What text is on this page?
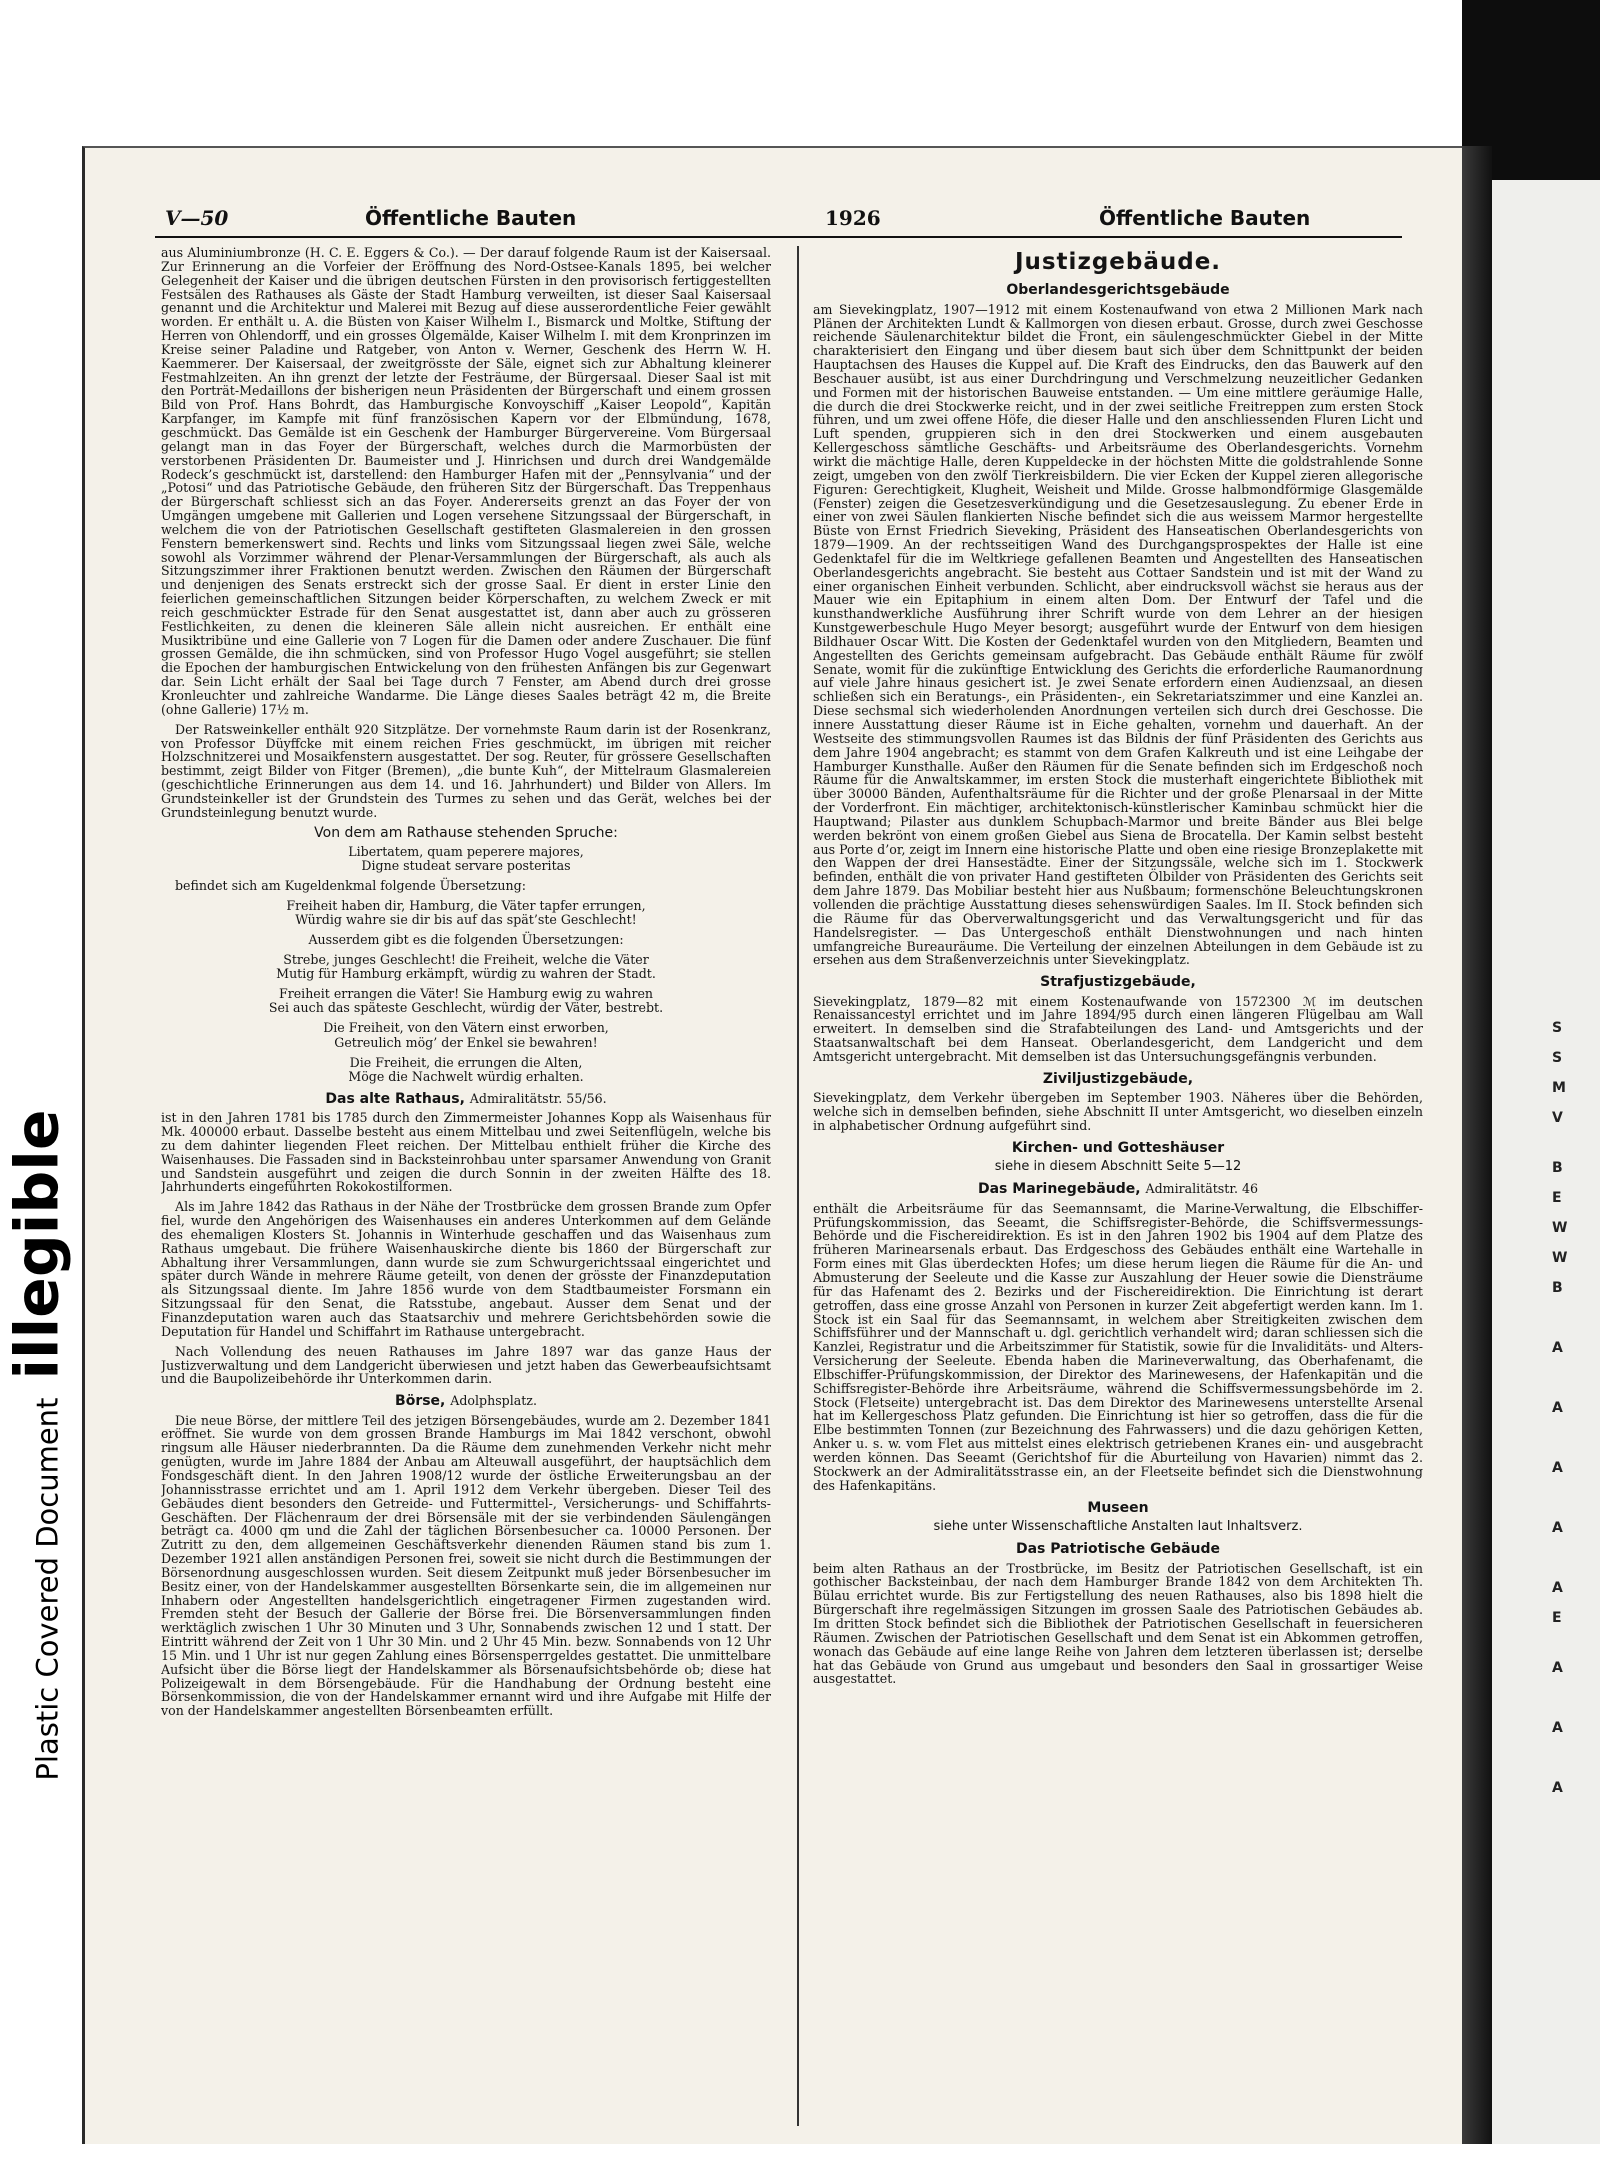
Plastic Covered Document
illegible
S
S
M
V
B
E
W
W
B
A
A
A
A
A
E
A
A
A
V—50	Öffentliche Bauten	1926	Öffentliche Bauten

aus Aluminiumbronze (H. C. E. Eggers & Co.). — Der darauf folgende Raum ist der Kaisersaal. Zur Erinnerung an die Vorfeier der Eröffnung des Nord-Ostsee-Kanals 1895, bei welcher Gelegenheit der Kaiser und die übrigen deutschen Fürsten in den provisorisch fertiggestellten Festsälen des Rathauses als Gäste der Stadt Hamburg verweilten, ist dieser Saal Kaisersaal genannt und die Architektur und Malerei mit Bezug auf diese ausserordentliche Feier gewählt worden. Er enthält u. A. die Büsten von Kaiser Wilhelm I., Bismarck und Moltke, Stiftung der Herren von Ohlendorff, und ein grosses Ölgemälde, Kaiser Wilhelm I. mit dem Kronprinzen im Kreise seiner Paladine und Ratgeber, von Anton v. Werner, Geschenk des Herrn W. H. Kaemmerer. Der Kaisersaal, der zweitgrösste der Säle, eignet sich zur Abhaltung kleinerer Festmahlzeiten. An ihn grenzt der letzte der Festräume, der Bürgersaal. Dieser Saal ist mit den Porträt-Medaillons der bisherigen neun Präsidenten der Bürgerschaft und einem grossen Bild von Prof. Hans Bohrdt, das Hamburgische Konvoyschiff „Kaiser Leopold“, Kapitän Karpfanger, im Kampfe mit fünf französischen Kapern vor der Elbmündung, 1678, geschmückt. Das Gemälde ist ein Geschenk der Hamburger Bürgervereine. Vom Bürgersaal gelangt man in das Foyer der Bürgerschaft, welches durch die Marmorbüsten der verstorbenen Präsidenten Dr. Baumeister und J. Hinrichsen und durch drei Wandgemälde Rodeck’s geschmückt ist, darstellend: den Hamburger Hafen mit der „Pennsylvania“ und der „Potosi“ und das Patriotische Gebäude, den früheren Sitz der Bürgerschaft. Das Treppenhaus der Bürgerschaft schliesst sich an das Foyer. Andererseits grenzt an das Foyer der von Umgängen umgebene mit Gallerien und Logen versehene Sitzungssaal der Bürgerschaft, in welchem die von der Patriotischen Gesellschaft gestifteten Glasmalereien in den grossen Fenstern bemerkenswert sind. Rechts und links vom Sitzungssaal liegen zwei Säle, welche sowohl als Vorzimmer während der Plenar-Versammlungen der Bürgerschaft, als auch als Sitzungszimmer ihrer Fraktionen benutzt werden. Zwischen den Räumen der Bürgerschaft und denjenigen des Senats erstreckt sich der grosse Saal. Er dient in erster Linie den feierlichen gemeinschaftlichen Sitzungen beider Körperschaften, zu welchem Zweck er mit reich geschmückter Estrade für den Senat ausgestattet ist, dann aber auch zu grösseren Festlichkeiten, zu denen die kleineren Säle allein nicht ausreichen. Er enthält eine Musiktribüne und eine Gallerie von 7 Logen für die Damen oder andere Zuschauer. Die fünf grossen Gemälde, die ihn schmücken, sind von Professor Hugo Vogel ausgeführt; sie stellen die Epochen der hamburgischen Entwickelung von den frühesten Anfängen bis zur Gegenwart dar. Sein Licht erhält der Saal bei Tage durch 7 Fenster, am Abend durch drei grosse Kronleuchter und zahlreiche Wandarme. Die Länge dieses Saales beträgt 42 m, die Breite (ohne Gallerie) 17½ m.

Der Ratsweinkeller enthält 920 Sitzplätze. Der vornehmste Raum darin ist der Rosenkranz, von Professor Düyffcke mit einem reichen Fries geschmückt, im übrigen mit reicher Holzschnitzerei und Mosaikfenstern ausgestattet. Der sog. Reuter, für grössere Gesellschaften bestimmt, zeigt Bilder von Fitger (Bremen), „die bunte Kuh“, der Mittelraum Glasmalereien (geschichtliche Erinnerungen aus dem 14. und 16. Jahrhundert) und Bilder von Allers. Im Grundsteinkeller ist der Grundstein des Turmes zu sehen und das Gerät, welches bei der Grundsteinlegung benutzt wurde.

Von dem am Rathause stehenden Spruche:
Libertatem, quam peperere majores,
Digne studeat servare posteritas

befindet sich am Kugeldenkmal folgende Übersetzung:

Freiheit haben dir, Hamburg, die Väter tapfer errungen,
Würdig wahre sie dir bis auf das spät’ste Geschlecht!
Ausserdem gibt es die folgenden Übersetzungen:
Strebe, junges Geschlecht! die Freiheit, welche die Väter
Mutig für Hamburg erkämpft, würdig zu wahren der Stadt.
Freiheit errangen die Väter! Sie Hamburg ewig zu wahren
Sei auch das späteste Geschlecht, würdig der Väter, bestrebt.
Die Freiheit, von den Vätern einst erworben,
Getreulich mög’ der Enkel sie bewahren!
Die Freiheit, die errungen die Alten,
Möge die Nachwelt würdig erhalten.
Das alte Rathaus, Admiralitätstr. 55/56.

ist in den Jahren 1781 bis 1785 durch den Zimmermeister Johannes Kopp als Waisenhaus für Mk. 400000 erbaut. Dasselbe besteht aus einem Mittelbau und zwei Seitenflügeln, welche bis zu dem dahinter liegenden Fleet reichen. Der Mittelbau enthielt früher die Kirche des Waisenhauses. Die Fassaden sind in Backsteinrohbau unter sparsamer Anwendung von Granit und Sandstein ausgeführt und zeigen die durch Sonnin in der zweiten Hälfte des 18. Jahrhunderts eingeführten Rokokostilformen.

Als im Jahre 1842 das Rathaus in der Nähe der Trostbrücke dem grossen Brande zum Opfer fiel, wurde den Angehörigen des Waisenhauses ein anderes Unterkommen auf dem Gelände des ehemaligen Klosters St. Johannis in Winterhude geschaffen und das Waisenhaus zum Rathaus umgebaut. Die frühere Waisenhauskirche diente bis 1860 der Bürgerschaft zur Abhaltung ihrer Versammlungen, dann wurde sie zum Schwurgerichtssaal eingerichtet und später durch Wände in mehrere Räume geteilt, von denen der grösste der Finanzdeputation als Sitzungssaal diente. Im Jahre 1856 wurde von dem Stadtbaumeister Forsmann ein Sitzungssaal für den Senat, die Ratsstube, angebaut. Ausser dem Senat und der Finanzdeputation waren auch das Staatsarchiv und mehrere Gerichtsbehörden sowie die Deputation für Handel und Schiffahrt im Rathause untergebracht.

Nach Vollendung des neuen Rathauses im Jahre 1897 war das ganze Haus der Justizverwaltung und dem Landgericht überwiesen und jetzt haben das Gewerbeaufsichtsamt und die Baupolizeibehörde ihr Unterkommen darin.

Börse, Adolphsplatz.

Die neue Börse, der mittlere Teil des jetzigen Börsengebäudes, wurde am 2. Dezember 1841 eröffnet. Sie wurde von dem grossen Brande Hamburgs im Mai 1842 verschont, obwohl ringsum alle Häuser niederbrannten. Da die Räume dem zunehmenden Verkehr nicht mehr genügten, wurde im Jahre 1884 der Anbau am Alteuwall ausgeführt, der hauptsächlich dem Fondsgeschäft dient. In den Jahren 1908/12 wurde der östliche Erweiterungsbau an der Johannisstrasse errichtet und am 1. April 1912 dem Verkehr übergeben. Dieser Teil des Gebäudes dient besonders den Getreide- und Futtermittel-, Versicherungs- und Schiffahrts-Geschäften. Der Flächenraum der drei Börsensäle mit der sie verbindenden Säulengängen beträgt ca. 4000 qm und die Zahl der täglichen Börsenbesucher ca. 10000 Personen. Der Zutritt zu den, dem allgemeinen Geschäftsverkehr dienenden Räumen stand bis zum 1. Dezember 1921 allen anständigen Personen frei, soweit sie nicht durch die Bestimmungen der Börsenordnung ausgeschlossen wurden. Seit diesem Zeitpunkt muß jeder Börsenbesucher im Besitz einer, von der Handelskammer ausgestellten Börsenkarte sein, die im allgemeinen nur Inhabern oder Angestellten handelsgerichtlich eingetragener Firmen zugestanden wird. Fremden steht der Besuch der Gallerie der Börse frei. Die Börsenversammlungen finden werktäglich zwischen 1 Uhr 30 Minuten und 3 Uhr, Sonnabends zwischen 12 und 1 statt. Der Eintritt während der Zeit von 1 Uhr 30 Min. und 2 Uhr 45 Min. bezw. Sonnabends von 12 Uhr 15 Min. und 1 Uhr ist nur gegen Zahlung eines Börsensperrgeldes gestattet. Die unmittelbare Aufsicht über die Börse liegt der Handelskammer als Börsenaufsichtsbehörde ob; diese hat Polizeigewalt in dem Börsengebäude. Für die Handhabung der Ordnung besteht eine Börsenkommission, die von der Handelskammer ernannt wird und ihre Aufgabe mit Hilfe der von der Handelskammer angestellten Börsenbeamten erfüllt.

Justizgebäude.
Oberlandesgerichtsgebäude

am Sievekingplatz, 1907—1912 mit einem Kostenaufwand von etwa 2 Millionen Mark nach Plänen der Architekten Lundt & Kallmorgen von diesen erbaut. Grosse, durch zwei Geschosse reichende Säulenarchitektur bildet die Front, ein säulengeschmückter Giebel in der Mitte charakterisiert den Eingang und über diesem baut sich über dem Schnittpunkt der beiden Hauptachsen des Hauses die Kuppel auf. Die Kraft des Eindrucks, den das Bauwerk auf den Beschauer ausübt, ist aus einer Durchdringung und Verschmelzung neuzeitlicher Gedanken und Formen mit der historischen Bauweise entstanden. — Um eine mittlere geräumige Halle, die durch die drei Stockwerke reicht, und in der zwei seitliche Freitreppen zum ersten Stock führen, und um zwei offene Höfe, die dieser Halle und den anschliessenden Fluren Licht und Luft spenden, gruppieren sich in den drei Stockwerken und einem ausgebauten Kellergeschoss sämtliche Geschäfts- und Arbeitsräume des Oberlandesgerichts. Vornehm wirkt die mächtige Halle, deren Kuppeldecke in der höchsten Mitte die goldstrahlende Sonne zeigt, umgeben von den zwölf Tierkreisbildern. Die vier Ecken der Kuppel zieren allegorische Figuren: Gerechtigkeit, Klugheit, Weisheit und Milde. Grosse halbmondförmige Glasgemälde (Fenster) zeigen die Gesetzesverkündigung und die Gesetzesauslegung. Zu ebener Erde in einer von zwei Säulen flankierten Nische befindet sich die aus weissem Marmor hergestellte Büste von Ernst Friedrich Sieveking, Präsident des Hanseatischen Oberlandesgerichts von 1879—1909. An der rechtsseitigen Wand des Durchgangsprospektes der Halle ist eine Gedenktafel für die im Weltkriege gefallenen Beamten und Angestellten des Hanseatischen Oberlandesgerichts angebracht. Sie besteht aus Cottaer Sandstein und ist mit der Wand zu einer organischen Einheit verbunden. Schlicht, aber eindrucksvoll wächst sie heraus aus der Mauer wie ein Epitaphium in einem alten Dom. Der Entwurf der Tafel und die kunsthandwerkliche Ausführung ihrer Schrift wurde von dem Lehrer an der hiesigen Kunstgewerbeschule Hugo Meyer besorgt; ausgeführt wurde der Entwurf von dem hiesigen Bildhauer Oscar Witt. Die Kosten der Gedenktafel wurden von den Mitgliedern, Beamten und Angestellten des Gerichts gemeinsam aufgebracht. Das Gebäude enthält Räume für zwölf Senate, womit für die zukünftige Entwicklung des Gerichts die erforderliche Raumanordnung auf viele Jahre hinaus gesichert ist. Je zwei Senate erfordern einen Audienzsaal, an diesen schließen sich ein Beratungs-, ein Präsidenten-, ein Sekretariatszimmer und eine Kanzlei an. Diese sechsmal sich wiederholenden Anordnungen verteilen sich durch drei Geschosse. Die innere Ausstattung dieser Räume ist in Eiche gehalten, vornehm und dauerhaft. An der Westseite des stimmungsvollen Raumes ist das Bildnis der fünf Präsidenten des Gerichts aus dem Jahre 1904 angebracht; es stammt von dem Grafen Kalkreuth und ist eine Leihgabe der Hamburger Kunsthalle. Außer den Räumen für die Senate befinden sich im Erdgeschoß noch Räume für die Anwaltskammer, im ersten Stock die musterhaft eingerichtete Bibliothek mit über 30000 Bänden, Aufenthaltsräume für die Richter und der große Plenarsaal in der Mitte der Vorderfront. Ein mächtiger, architektonisch-künstlerischer Kaminbau schmückt hier die Hauptwand; Pilaster aus dunklem Schupbach-Marmor und breite Bänder aus Blei belge werden bekrönt von einem großen Giebel aus Siena de Brocatella. Der Kamin selbst besteht aus Porte d’or, zeigt im Innern eine historische Platte und oben eine riesige Bronzeplakette mit den Wappen der drei Hansestädte. Einer der Sitzungssäle, welche sich im 1. Stockwerk befinden, enthält die von privater Hand gestifteten Ölbilder von Präsidenten des Gerichts seit dem Jahre 1879. Das Mobiliar besteht hier aus Nußbaum; formenschöne Beleuchtungskronen vollenden die prächtige Ausstattung dieses sehenswürdigen Saales. Im II. Stock befinden sich die Räume für das Oberverwaltungsgericht und das Verwaltungsgericht und für das Handelsregister. — Das Untergeschoß enthält Dienstwohnungen und nach hinten umfangreiche Bureauräume. Die Verteilung der einzelnen Abteilungen in dem Gebäude ist zu ersehen aus dem Straßenverzeichnis unter Sievekingplatz.

Strafjustizgebäude,

Sievekingplatz, 1879—82 mit einem Kostenaufwande von 1572300 ℳ im deutschen Renaissancestyl errichtet und im Jahre 1894/95 durch einen längeren Flügelbau am Wall erweitert. In demselben sind die Strafabteilungen des Land- und Amtsgerichts und der Staatsanwaltschaft bei dem Hanseat. Oberlandesgericht, dem Landgericht und dem Amtsgericht untergebracht. Mit demselben ist das Untersuchungsgefängnis verbunden.

Ziviljustizgebäude,

Sievekingplatz, dem Verkehr übergeben im September 1903. Näheres über die Behörden, welche sich in demselben befinden, siehe Abschnitt II unter Amtsgericht, wo dieselben einzeln in alphabetischer Ordnung aufgeführt sind.

Kirchen- und Gotteshäuser
siehe in diesem Abschnitt Seite 5—12
Das Marinegebäude, Admiralitätstr. 46

enthält die Arbeitsräume für das Seemannsamt, die Marine-Verwaltung, die Elbschiffer-Prüfungskommission, das Seeamt, die Schiffsregister-Behörde, die Schiffsvermessungs-Behörde und die Fischereidirektion. Es ist in den Jahren 1902 bis 1904 auf dem Platze des früheren Marinearsenals erbaut. Das Erdgeschoss des Gebäudes enthält eine Wartehalle in Form eines mit Glas überdeckten Hofes; um diese herum liegen die Räume für die An- und Abmusterung der Seeleute und die Kasse zur Auszahlung der Heuer sowie die Diensträume für das Hafenamt des 2. Bezirks und der Fischereidirektion. Die Einrichtung ist derart getroffen, dass eine grosse Anzahl von Personen in kurzer Zeit abgefertigt werden kann. Im 1. Stock ist ein Saal für das Seemannsamt, in welchem aber Streitigkeiten zwischen dem Schiffsführer und der Mannschaft u. dgl. gerichtlich verhandelt wird; daran schliessen sich die Kanzlei, Registratur und die Arbeitszimmer für Statistik, sowie für die Invaliditäts- und Alters-Versicherung der Seeleute. Ebenda haben die Marineverwaltung, das Oberhafenamt, die Elbschiffer-Prüfungskommission, der Direktor des Marinewesens, der Hafenkapitän und die Schiffsregister-Behörde ihre Arbeitsräume, während die Schiffsvermessungsbehörde im 2. Stock (Fletseite) untergebracht ist. Das dem Direktor des Marinewesens unterstellte Arsenal hat im Kellergeschoss Platz gefunden. Die Einrichtung ist hier so getroffen, dass die für die Elbe bestimmten Tonnen (zur Bezeichnung des Fahrwassers) und die dazu gehörigen Ketten, Anker u. s. w. vom Flet aus mittelst eines elektrisch getriebenen Kranes ein- und ausgebracht werden können. Das Seeamt (Gerichtshof für die Aburteilung von Havarien) nimmt das 2. Stockwerk an der Admiralitätsstrasse ein, an der Fleetseite befindet sich die Dienstwohnung des Hafenkapitäns.

Museen
siehe unter Wissenschaftliche Anstalten laut Inhaltsverz.
Das Patriotische Gebäude

beim alten Rathaus an der Trostbrücke, im Besitz der Patriotischen Gesellschaft, ist ein gothischer Backsteinbau, der nach dem Hamburger Brande 1842 von dem Architekten Th. Bülau errichtet wurde. Bis zur Fertigstellung des neuen Rathauses, also bis 1898 hielt die Bürgerschaft ihre regelmässigen Sitzungen im grossen Saale des Patriotischen Gebäudes ab. Im dritten Stock befindet sich die Bibliothek der Patriotischen Gesellschaft in feuersicheren Räumen. Zwischen der Patriotischen Gesellschaft und dem Senat ist ein Abkommen getroffen, wonach das Gebäude auf eine lange Reihe von Jahren dem letzteren überlassen ist; derselbe hat das Gebäude von Grund aus umgebaut und besonders den Saal in grossartiger Weise ausgestattet.
